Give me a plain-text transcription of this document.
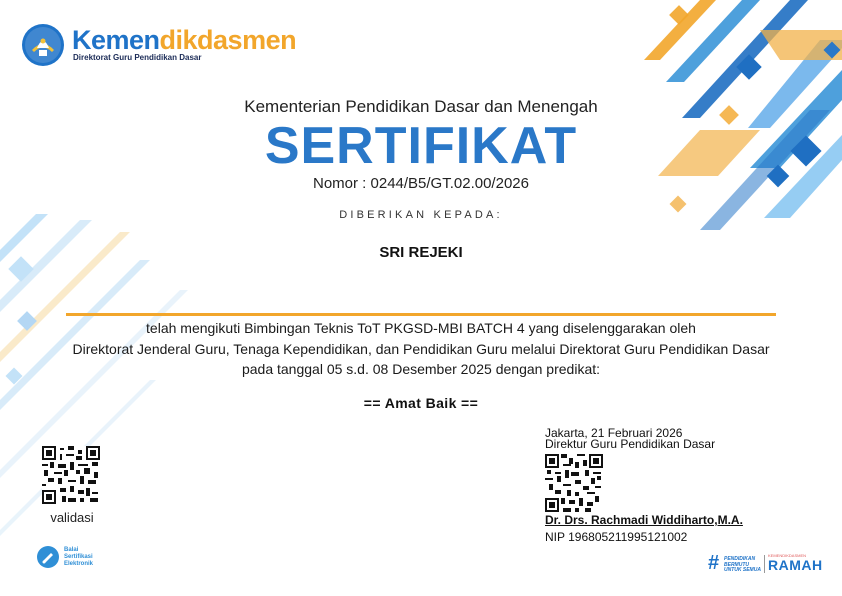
Kemendikdasmen
Direktorat Guru Pendidikan Dasar
Kementerian Pendidikan Dasar dan Menengah
SERTIFIKAT
Nomor : 0244/B5/GT.02.00/2026
DIBERIKAN KEPADA:
SRI REJEKI
telah mengikuti Bimbingan Teknis ToT PKGSD-MBI BATCH 4 yang diselenggarakan oleh
Direktorat Jenderal Guru, Tenaga Kependidikan, dan Pendidikan Guru melalui Direktorat Guru Pendidikan Dasar
pada tanggal 05 s.d. 08 Desember 2025 dengan predikat:
== Amat Baik ==
validasi
Jakarta, 21 Februari 2026
Direktur Guru Pendidikan Dasar
Dr. Drs. Rachmadi Widdiharto,M.A.
NIP 196805211995121002
Balai
Sertifikasi
Elektronik	# PENDIDIKAN
BERMUTU
UNTUK SEMUA
KEMENDIKDASMEN
RAMAH
